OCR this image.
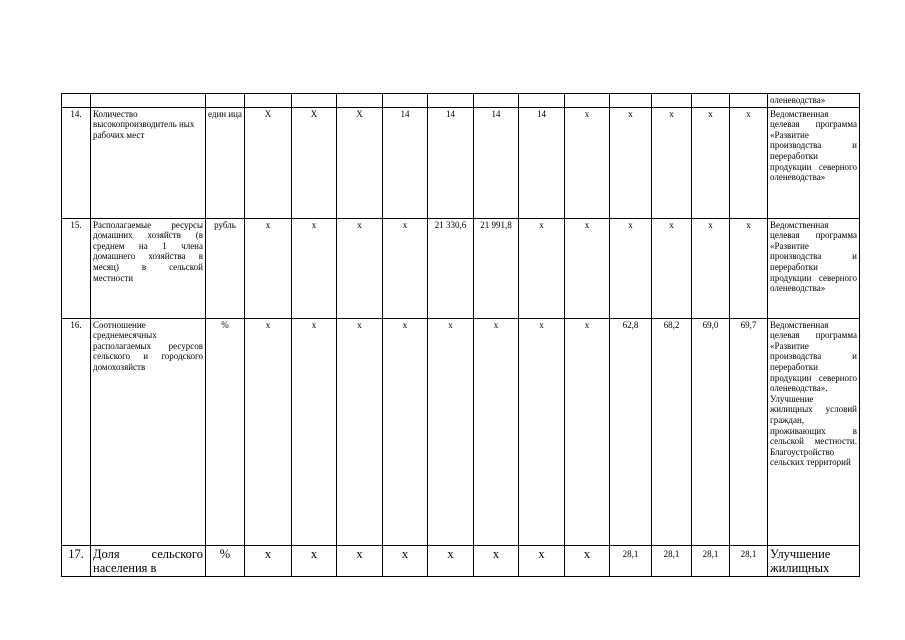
															оленеводства»
14.	Количество высокопроизводитель ных рабочих мест	един ица	Х	Х	Х	14	14	14	14	х	х	х	х	х	Ведомственная целевая программа «Развитие производства и переработки продукции северного оленеводства»
15.	Располагаемые ресурсы домашних хозяйств (в среднем на 1 члена домашнего хозяйства в месяц) в сельской местности	рубль	х	х	х	х	21 330,6	21 991,8	х	х	х	х	х	х	Ведомственная целевая программа «Развитие производства и переработки продукции северного оленеводства»
16.	Соотношение среднемесячных располагаемых ресурсов сельского и городского домохозяйств	%	х	х	х	х	х	х	х	х	62,8	68,2	69,0	69,7	Ведомственная целевая программа «Развитие производства и переработки продукции северного оленеводства». Улучшение жилищных условий граждан, проживающих в сельской местности. Благоустройство сельских территорий
17.	Доля сельского населения в	%	х	х	х	х	х	х	х	х	28,1	28,1	28,1	28,1	Улучшение жилищных
